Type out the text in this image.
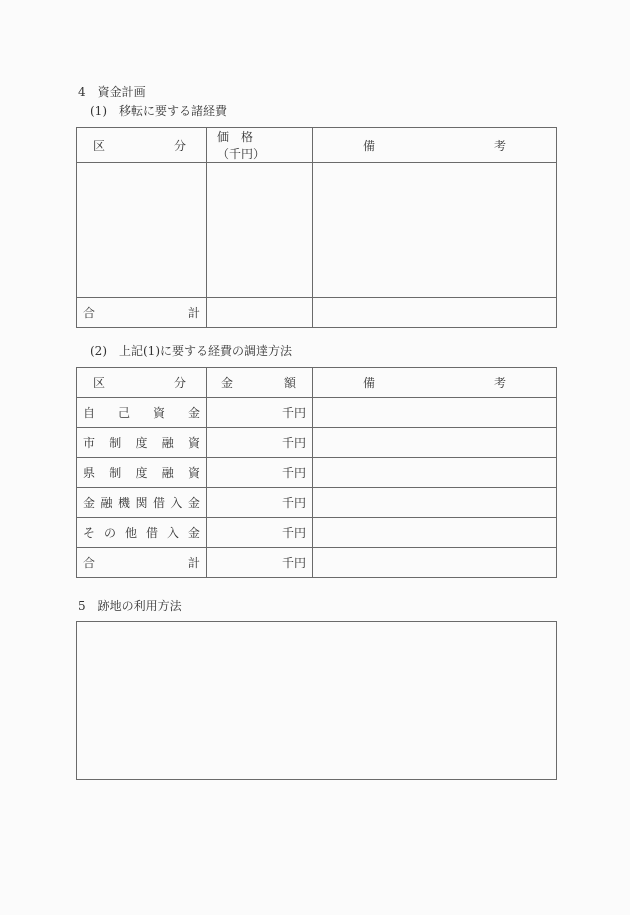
4 資金計画
(1) 移転に要する諸経費
区 分	価 格（千円）	備 考

合 計		

(2) 上記(1)に要する経費の調達方法
区 分	金 額	備 考

自 己 資 金	千円	

市 制 度 融 資	千円	

県 制 度 融 資	千円	

金 融 機 関 借 入 金	千円	

そ の 他 借 入 金	千円	

合 計	千円	
5 跡地の利用方法
